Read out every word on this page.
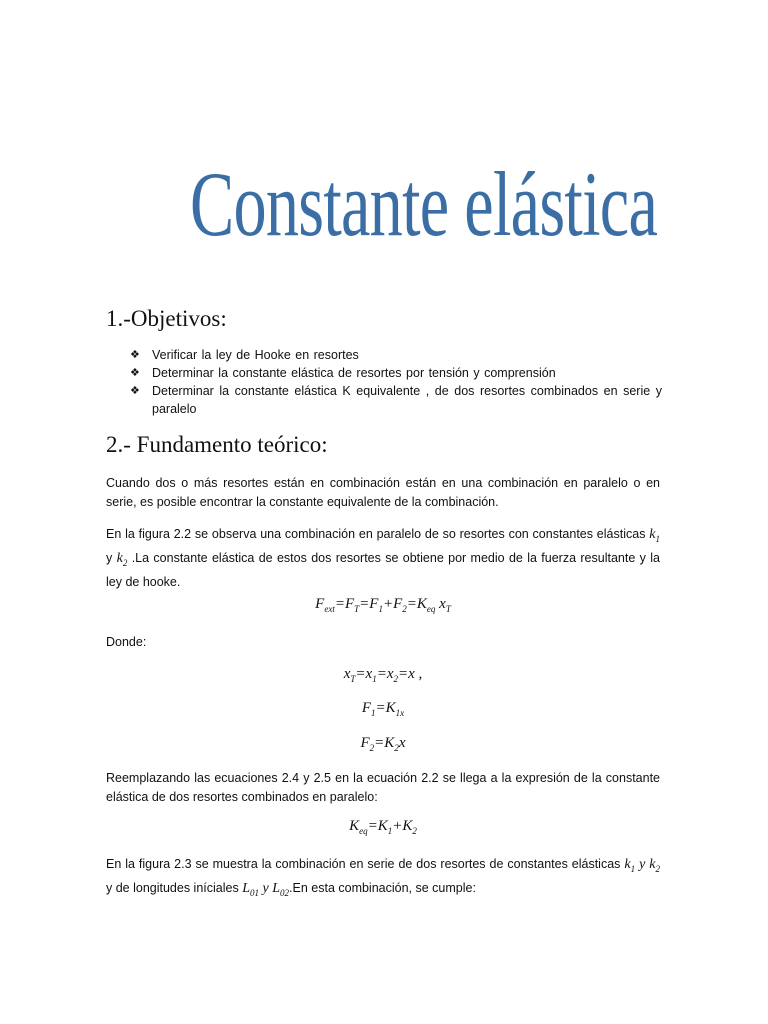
Constante elástica
1.-Objetivos:
❖ Verificar la ley de Hooke en resortes
❖ Determinar la constante elástica de resortes por tensión y comprensión
❖ Determinar la constante elástica K equivalente , de dos resortes combinados en serie y paralelo
2.- Fundamento teórico:

Cuando dos o más resortes están en combinación están en una combinación en paralelo o en serie, es posible encontrar la constante equivalente de la combinación.

En la figura 2.2 se observa una combinación en paralelo de so resortes con constantes elásticas $k_1$ y $k_2$ .La constante elástica de estos dos resortes se obtiene por medio de la fuerza resultante y la ley de hooke.

$F_{ext}=F_T=F_1+F_2=K_{eq}$ $x_T$

Donde:

$x_T=x_1=x_2=x$ ,
$F_1=K_{1x}$
$F_2=K_2x$

Reemplazando las ecuaciones 2.4 y 2.5 en la ecuación 2.2 se llega a la expresión de la constante elástica de dos resortes combinados en paralelo:

$K_{eq}=K_1+K_2$

En la figura 2.3 se muestra la combinación en serie de dos resortes de constantes elásticas $k_1$ y $k_2$ y de longitudes iníciales $L_{01}$ y $L_{02}.En$ esta combinación, se cumple:
